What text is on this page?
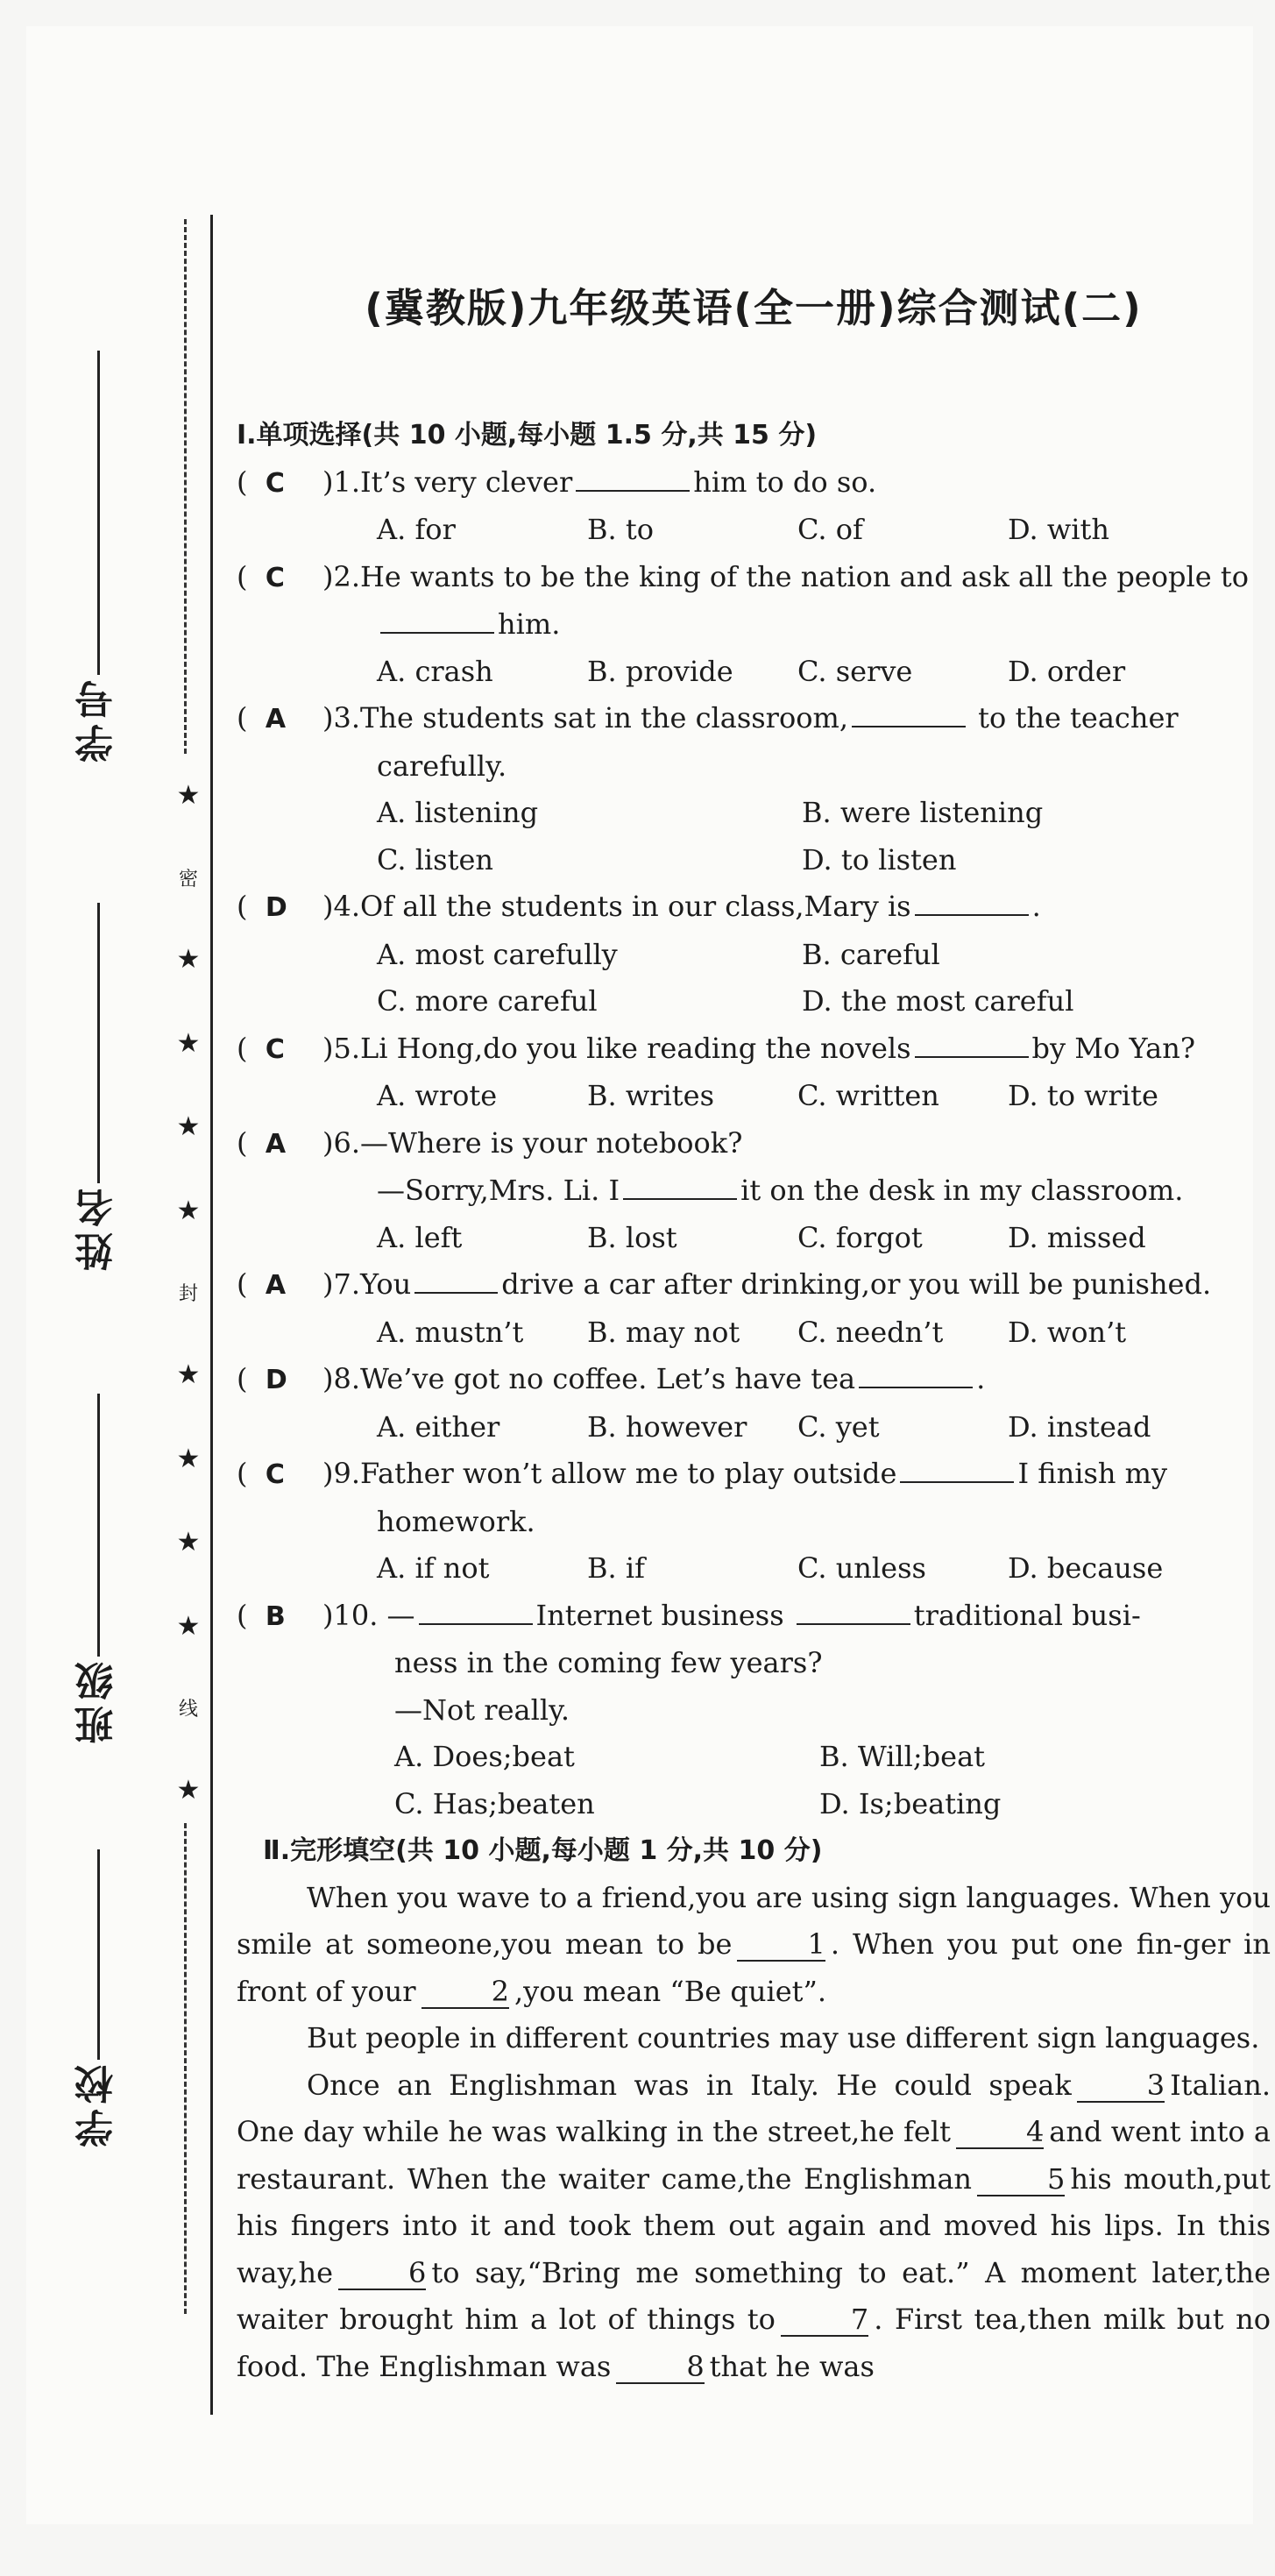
★
密
★
★
★
★
封
★
★
★
★
线
★
学号
姓名
班级
学校
(冀教版)九年级英语(全一册)综合测试(二)
Ⅰ.单项选择(共 10 小题,每小题 1.5 分,共 15 分)
(  C	)1.It’s very clever	him to do so.
A. for	B. to	C. of	D. with
(  C	)2.He wants to be the king of the nation and ask all the people to
him.
A. crash	B. provide	C. serve	D. order
(  A	)3.The students sat in the classroom,	to the teacher
carefully.
A. listening	B. were listening
C. listen	D. to listen
(  D	)4.Of all the students in our class,Mary is	.
A. most carefully	B. careful
C. more careful	D. the most careful
(  C	)5.Li Hong,do you like reading the novels	by Mo Yan?
A. wrote	B. writes	C. written	D. to write
(  A	)6.—Where is your notebook?
—Sorry,Mrs. Li. I	it on the desk in my classroom.
A. left	B. lost	C. forgot	D. missed
(  A	)7.You	drive a car after drinking,or you will be punished.
A. mustn’t	B. may not	C. needn’t	D. won’t
(  D	)8.We’ve got no coffee. Let’s have tea	.
A. either	B. however	C. yet	D. instead
(  C	)9.Father won’t allow me to play outside	I finish my
homework.
A. if not	B. if	C. unless	D. because
(  B	)10. —	Internet business	traditional busi-
ness in the coming few years?
—Not really.
A. Does;beat	B. Will;beat
C. Has;beaten	D. Is;beating
Ⅱ.完形填空(共 10 小题,每小题 1 分,共 10 分)
When you wave to a friend,you are using sign languages. When you smile at someone,you mean to be	1 . When you put one fin-ger in front of your	2 ,you mean “Be quiet”.
But people in different countries may use different sign languages.
Once an Englishman was in Italy. He could speak	3 Italian. One day while he was walking in the street,he felt	4 and went into a restaurant. When the waiter came,the Englishman	5 his mouth,put his fingers into it and took them out again and moved his lips. In this way,he	6 to say,“Bring me something to eat.” A moment later,the waiter brought him a lot of things to	7 . First tea,then milk but no food. The Englishman was	8 that he was
